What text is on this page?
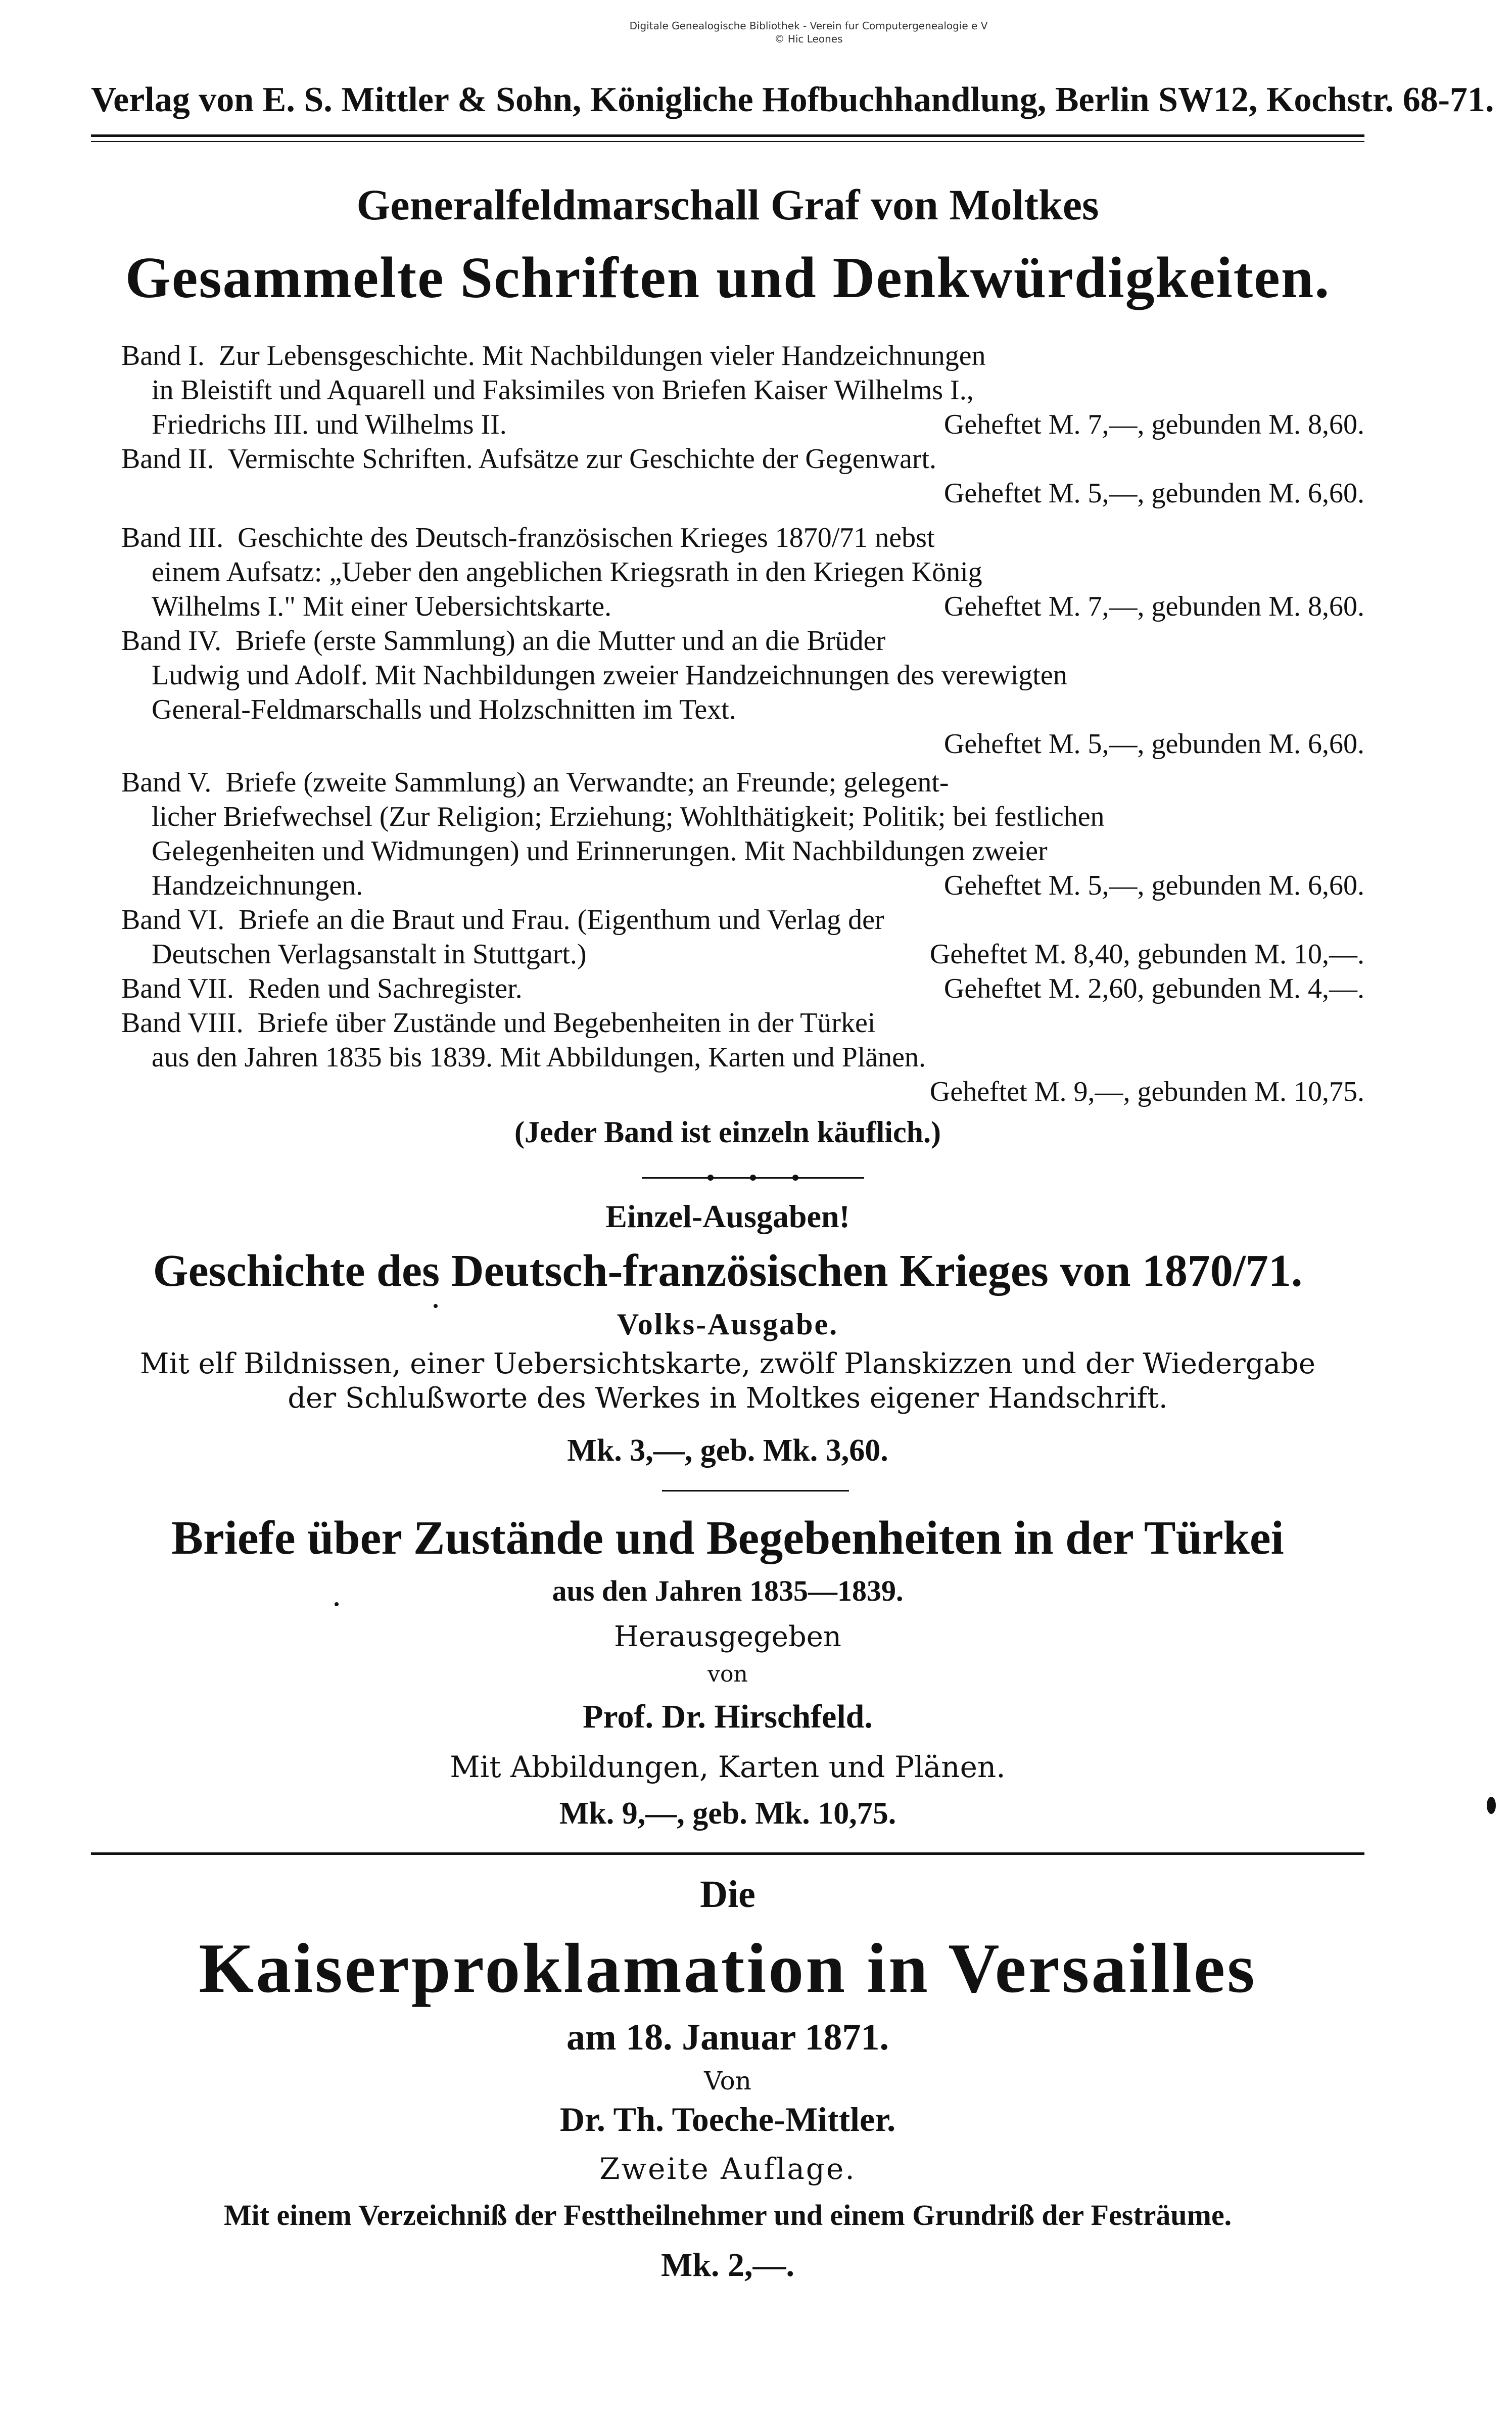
Digitale Genealogische Bibliothek - Verein fur Computergenealogie e V
© Hic Leones
Verlag von E. S. Mittler & Sohn, Königliche Hofbuchhandlung, Berlin SW12, Kochstr. 68-71.
Generalfeldmarschall Graf von Moltkes
Gesammelte Schriften und Denkwürdigkeiten.
Band I. Zur Lebensgeschichte. Mit Nachbildungen vieler Handzeichnungen
in Bleistift und Aquarell und Faksimiles von Briefen Kaiser Wilhelms I.,
Friedrichs III. und Wilhelms II.	Geheftet M. 7,—, gebunden M. 8,60.
Band II. Vermischte Schriften. Aufsätze zur Geschichte der Gegenwart.
Geheftet M. 5,—, gebunden M. 6,60.
Band III. Geschichte des Deutsch-französischen Krieges 1870/71 nebst
einem Aufsatz: „Ueber den angeblichen Kriegsrath in den Kriegen König
Wilhelms I." Mit einer Uebersichtskarte.	Geheftet M. 7,—, gebunden M. 8,60.
Band IV. Briefe (erste Sammlung) an die Mutter und an die Brüder
Ludwig und Adolf. Mit Nachbildungen zweier Handzeichnungen des verewigten
General-Feldmarschalls und Holzschnitten im Text.
Geheftet M. 5,—, gebunden M. 6,60.
Band V. Briefe (zweite Sammlung) an Verwandte; an Freunde; gelegent-
licher Briefwechsel (Zur Religion; Erziehung; Wohlthätigkeit; Politik; bei festlichen
Gelegenheiten und Widmungen) und Erinnerungen. Mit Nachbildungen zweier
Handzeichnungen.	Geheftet M. 5,—, gebunden M. 6,60.
Band VI. Briefe an die Braut und Frau. (Eigenthum und Verlag der
Deutschen Verlagsanstalt in Stuttgart.)	Geheftet M. 8,40, gebunden M. 10,—.
Band VII. Reden und Sachregister.	Geheftet M. 2,60, gebunden M. 4,—.
Band VIII. Briefe über Zustände und Begebenheiten in der Türkei
aus den Jahren 1835 bis 1839. Mit Abbildungen, Karten und Plänen.
Geheftet M. 9,—, gebunden M. 10,75.
(Jeder Band ist einzeln käuflich.)
Einzel-Ausgaben!
Geschichte des Deutsch-französischen Krieges von 1870/71.
Volks-Ausgabe.
Mit elf Bildnissen, einer Uebersichtskarte, zwölf Planskizzen und der Wiedergabe
der Schlußworte des Werkes in Moltkes eigener Handschrift.
Mk. 3,—, geb. Mk. 3,60.
Briefe über Zustände und Begebenheiten in der Türkei
aus den Jahren 1835—1839.
Herausgegeben
von
Prof. Dr. Hirschfeld.
Mit Abbildungen, Karten und Plänen.
Mk. 9,—, geb. Mk. 10,75.
Die
Kaiserproklamation in Versailles
am 18. Januar 1871.
Von
Dr. Th. Toeche-Mittler.
Zweite Auflage.
Mit einem Verzeichniß der Festtheilnehmer und einem Grundriß der Festräume.
Mk. 2,—.
